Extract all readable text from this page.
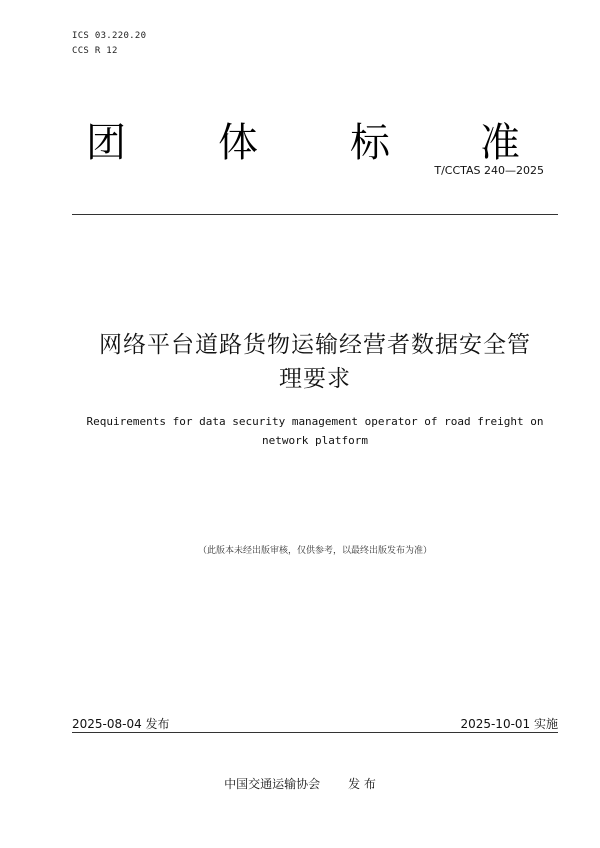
ICS 03.220.20
CCS R 12
团 体 标 准
T/CCTAS 240—2025
网络平台道路货物运输经营者数据安全管
理要求
Requirements for data security management operator of road freight on
network platform
（此版本未经出版审核，仅供参考，以最终出版发布为准）
2025-08-04 发布	2025-10-01 实施
中国交通运输协会 发 布
